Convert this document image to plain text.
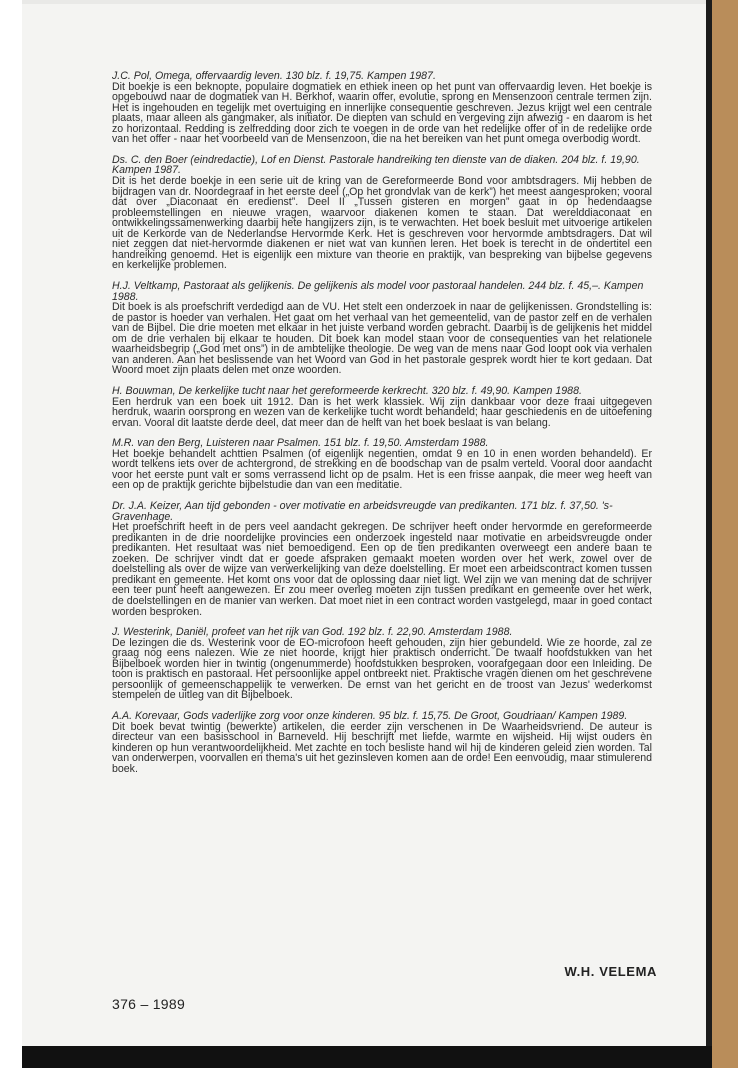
J.C. Pol, Omega, offervaardig leven. 130 blz. f. 19,75. Kampen 1987.
Dit boekje is een beknopte, populaire dogmatiek en ethiek ineen op het punt van offervaardig leven. Het boekje is opgebouwd naar de dogmatiek van H. Berkhof, waarin offer, evolutie, sprong en Mensenzoon centrale termen zijn. Het is ingehouden en tegelijk met overtuiging en innerlijke consequentie geschreven. Jezus krijgt wel een centrale plaats, maar alleen als gangmaker, als initiator. De diepten van schuld en vergeving zijn afwezig - en daarom is het zo horizontaal. Redding is zelfredding door zich te voegen in de orde van het redelijke offer of in de redelijke orde van het offer - naar het voorbeeld van de Mensenzoon, die na het bereiken van het punt omega overbodig wordt.
Ds. C. den Boer (eindredactie), Lof en Dienst. Pastorale handreiking ten dienste van de diaken. 204 blz. f. 19,90. Kampen 1987.
Dit is het derde boekje in een serie uit de kring van de Gereformeerde Bond voor ambtsdragers. Mij hebben de bijdragen van dr. Noordegraaf in het eerste deel („Op het grondvlak van de kerk”) het meest aangesproken; vooral dat over „Diaconaat en eredienst”. Deel II „Tussen gisteren en morgen” gaat in op hedendaagse probleemstellingen en nieuwe vragen, waarvoor diakenen komen te staan. Dat werelddiaconaat en ontwikkelingssamenwerking daarbij hete hangijzers zijn, is te verwachten. Het boek besluit met uitvoerige artikelen uit de Kerkorde van de Nederlandse Hervormde Kerk. Het is geschreven voor hervormde ambtsdragers. Dat wil niet zeggen dat niet-hervormde diakenen er niet wat van kunnen leren. Het boek is terecht in de ondertitel een handreiking genoemd. Het is eigenlijk een mixture van theorie en praktijk, van bespreking van bijbelse gegevens en kerkelijke problemen.
H.J. Veltkamp, Pastoraat als gelijkenis. De gelijkenis als model voor pastoraal handelen. 244 blz. f. 45,–. Kampen 1988.
Dit boek is als proefschrift verdedigd aan de VU. Het stelt een onderzoek in naar de gelijkenissen. Grondstelling is: de pastor is hoeder van verhalen. Het gaat om het verhaal van het gemeentelid, van de pastor zelf en de verhalen van de Bijbel. Die drie moeten met elkaar in het juiste verband worden gebracht. Daarbij is de gelijkenis het middel om de drie verhalen bij elkaar te houden. Dit boek kan model staan voor de consequenties van het relationele waarheidsbegrip („God met ons”) in de ambtelijke theologie. De weg van de mens naar God loopt ook via verhalen van anderen. Aan het beslissende van het Woord van God in het pastorale gesprek wordt hier te kort gedaan. Dat Woord moet zijn plaats delen met onze woorden.
H. Bouwman, De kerkelijke tucht naar het gereformeerde kerkrecht. 320 blz. f. 49,90. Kampen 1988.
Een herdruk van een boek uit 1912. Dan is het werk klassiek. Wij zijn dankbaar voor deze fraai uitgegeven herdruk, waarin oorsprong en wezen van de kerkelijke tucht wordt behandeld; haar geschiedenis en de uitoefening ervan. Vooral dit laatste derde deel, dat meer dan de helft van het boek beslaat is van belang.
M.R. van den Berg, Luisteren naar Psalmen. 151 blz. f. 19,50. Amsterdam 1988.
Het boekje behandelt achttien Psalmen (of eigenlijk negentien, omdat 9 en 10 in enen worden behandeld). Er wordt telkens iets over de achtergrond, de strekking en de boodschap van de psalm verteld. Vooral door aandacht voor het eerste punt valt er soms verrassend licht op de psalm. Het is een frisse aanpak, die meer weg heeft van een op de praktijk gerichte bijbelstudie dan van een meditatie.
Dr. J.A. Keizer, Aan tijd gebonden - over motivatie en arbeidsvreugde van predikanten. 171 blz. f. 37,50. 's-Gravenhage.
Het proefschrift heeft in de pers veel aandacht gekregen. De schrijver heeft onder hervormde en gereformeerde predikanten in de drie noordelijke provincies een onderzoek ingesteld naar motivatie en arbeidsvreugde onder predikanten. Het resultaat was niet bemoedigend. Een op de tien predikanten overweegt een andere baan te zoeken. De schrijver vindt dat er goede afspraken gemaakt moeten worden over het werk, zowel over de doelstelling als over de wijze van verwerkelijking van deze doelstelling. Er moet een arbeidscontract komen tussen predikant en gemeente. Het komt ons voor dat de oplossing daar niet ligt. Wel zijn we van mening dat de schrijver een teer punt heeft aangewezen. Er zou meer overleg moeten zijn tussen predikant en gemeente over het werk, de doelstellingen en de manier van werken. Dat moet niet in een contract worden vastgelegd, maar in goed contact worden besproken.
J. Westerink, Daniël, profeet van het rijk van God. 192 blz. f. 22,90. Amsterdam 1988.
De lezingen die ds. Westerink voor de EO-microfoon heeft gehouden, zijn hier gebundeld. Wie ze hoorde, zal ze graag nog eens nalezen. Wie ze niet hoorde, krijgt hier praktisch onderricht. De twaalf hoofdstukken van het Bijbelboek worden hier in twintig (ongenummerde) hoofdstukken besproken, voorafgegaan door een Inleiding. De toon is praktisch en pastoraal. Het persoonlijke appel ontbreekt niet. Praktische vragen dienen om het geschrevene persoonlijk of gemeenschappelijk te verwerken. De ernst van het gericht en de troost van Jezus' wederkomst stempelen de uitleg van dit Bijbelboek.
A.A. Korevaar, Gods vaderlijke zorg voor onze kinderen. 95 blz. f. 15,75. De Groot, Goudriaan/ Kampen 1989.
Dit boek bevat twintig (bewerkte) artikelen, die eerder zijn verschenen in De Waarheidsvriend. De auteur is directeur van een basisschool in Barneveld. Hij beschrijft met liefde, warmte en wijsheid. Hij wijst ouders èn kinderen op hun verantwoordelijkheid. Met zachte en toch besliste hand wil hij de kinderen geleid zien worden. Tal van onderwerpen, voorvallen en thema's uit het gezinsleven komen aan de orde! Een eenvoudig, maar stimulerend boek.
W.H. VELEMA
376 – 1989
